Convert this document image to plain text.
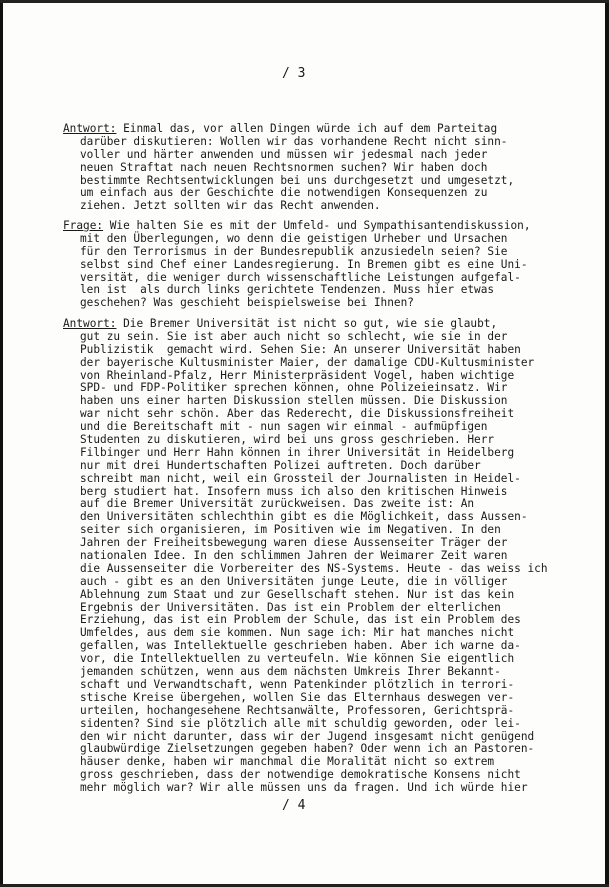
/ 3
Antwort: Einmal das, vor allen Dingen würde ich auf dem Parteitag
darüber diskutieren: Wollen wir das vorhandene Recht nicht sinn-
voller und härter anwenden und müssen wir jedesmal nach jeder
neuen Straftat nach neuen Rechtsnormen suchen? Wir haben doch
bestimmte Rechtsentwicklungen bei uns durchgesetzt und umgesetzt,
um einfach aus der Geschichte die notwendigen Konsequenzen zu
ziehen. Jetzt sollten wir das Recht anwenden.
Frage: Wie halten Sie es mit der Umfeld- und Sympathisantendiskussion,
mit den Überlegungen, wo denn die geistigen Urheber und Ursachen
für den Terrorismus in der Bundesrepublik anzusiedeln seien? Sie
selbst sind Chef einer Landesregierung. In Bremen gibt es eine Uni-
versität, die weniger durch wissenschaftliche Leistungen aufgefal-
len ist  als durch links gerichtete Tendenzen. Muss hier etwas
geschehen? Was geschieht beispielsweise bei Ihnen?
Antwort: Die Bremer Universität ist nicht so gut, wie sie glaubt,
gut zu sein. Sie ist aber auch nicht so schlecht, wie sie in der
Publizistik  gemacht wird. Sehen Sie: An unserer Universität haben
der bayerische Kultusminister Maier, der damalige CDU-Kultusminister
von Rheinland-Pfalz, Herr Ministerpräsident Vogel, haben wichtige
SPD- und FDP-Politiker sprechen können, ohne Polizeieinsatz. Wir
haben uns einer harten Diskussion stellen müssen. Die Diskussion
war nicht sehr schön. Aber das Rederecht, die Diskussionsfreiheit
und die Bereitschaft mit - nun sagen wir einmal - aufmüpfigen
Studenten zu diskutieren, wird bei uns gross geschrieben. Herr
Filbinger und Herr Hahn können in ihrer Universität in Heidelberg
nur mit drei Hundertschaften Polizei auftreten. Doch darüber
schreibt man nicht, weil ein Grossteil der Journalisten in Heidel-
berg studiert hat. Insofern muss ich also den kritischen Hinweis
auf die Bremer Universität zurückweisen. Das zweite ist: An
den Universitäten schlechthin gibt es die Möglichkeit, dass Aussen-
seiter sich organisieren, im Positiven wie im Negativen. In den
Jahren der Freiheitsbewegung waren diese Aussenseiter Träger der
nationalen Idee. In den schlimmen Jahren der Weimarer Zeit waren
die Aussenseiter die Vorbereiter des NS-Systems. Heute - das weiss ich
auch - gibt es an den Universitäten junge Leute, die in völliger
Ablehnung zum Staat und zur Gesellschaft stehen. Nur ist das kein
Ergebnis der Universitäten. Das ist ein Problem der elterlichen
Erziehung, das ist ein Problem der Schule, das ist ein Problem des
Umfeldes, aus dem sie kommen. Nun sage ich: Mir hat manches nicht
gefallen, was Intellektuelle geschrieben haben. Aber ich warne da-
vor, die Intellektuellen zu verteufeln. Wie können Sie eigentlich
jemanden schützen, wenn aus dem nächsten Umkreis Ihrer Bekannt-
schaft und Verwandtschaft, wenn Patenkinder plötzlich in terrori-
stische Kreise übergehen, wollen Sie das Elternhaus deswegen ver-
urteilen, hochangesehene Rechtsanwälte, Professoren, Gerichtsprä-
sidenten? Sind sie plötzlich alle mit schuldig geworden, oder lei-
den wir nicht darunter, dass wir der Jugend insgesamt nicht genügend
glaubwürdige Zielsetzungen gegeben haben? Oder wenn ich an Pastoren-
häuser denke, haben wir manchmal die Moralität nicht so extrem
gross geschrieben, dass der notwendige demokratische Konsens nicht
mehr möglich war? Wir alle müssen uns da fragen. Und ich würde hier
/ 4
